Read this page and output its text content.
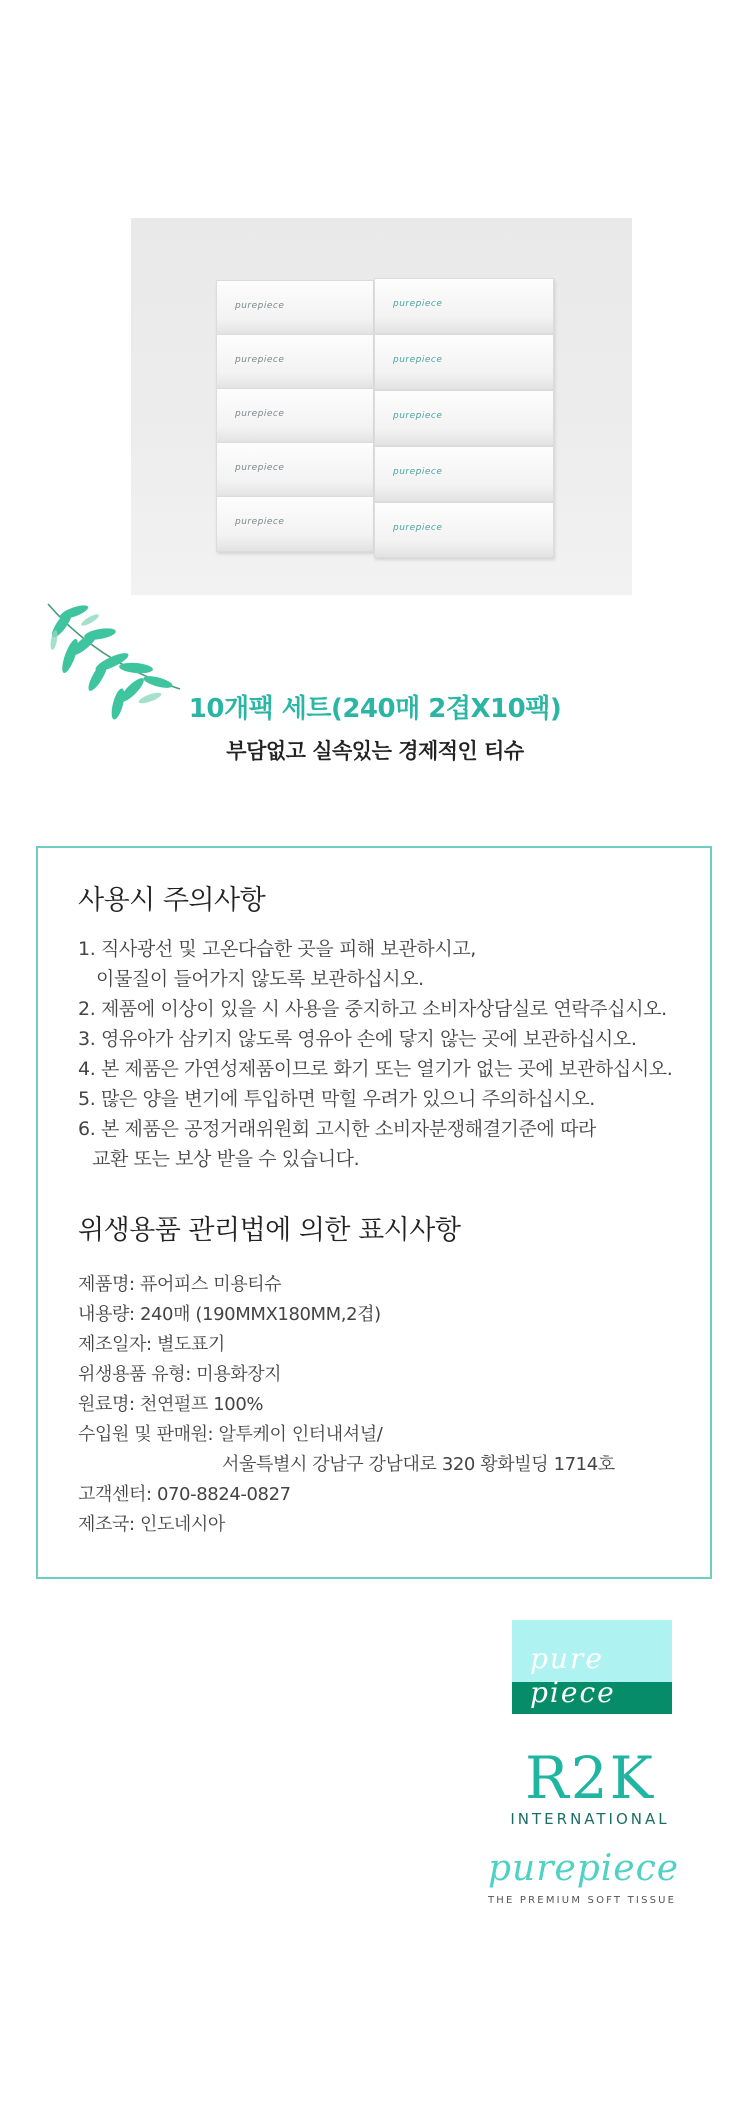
purepiece
purepiece
purepiece
purepiece
purepiece
purepiece
purepiece
purepiece
purepiece
purepiece
10개팩 세트(240매 2겹X10팩)
부담없고 실속있는 경제적인 티슈
사용시 주의사항
1. 직사광선 및 고온다습한 곳을 피해 보관하시고,
이물질이 들어가지 않도록 보관하십시오.
2. 제품에 이상이 있을 시 사용을 중지하고 소비자상담실로 연락주십시오.
3. 영유아가 삼키지 않도록 영유아 손에 닿지 않는 곳에 보관하십시오.
4. 본 제품은 가연성제품이므로 화기 또는 열기가 없는 곳에 보관하십시오.
5. 많은 양을 변기에 투입하면 막힐 우려가 있으니 주의하십시오.
6. 본 제품은 공정거래위원회 고시한 소비자분쟁해결기준에 따라
교환 또는 보상 받을 수 있습니다.
위생용품 관리법에 의한 표시사항
제품명: 퓨어피스 미용티슈
내용량: 240매 (190MMX180MM,2겹)
제조일자: 별도표기
위생용품 유형: 미용화장지
원료명: 천연펄프 100%
수입원 및 판매원: 알투케이 인터내셔널/
서울특별시 강남구 강남대로 320 황화빌딩 1714호
고객센터: 070-8824-0827
제조국: 인도네시아
pure
piece
R2K
INTERNATIONAL
purepiece
THE PREMIUM SOFT TISSUE
